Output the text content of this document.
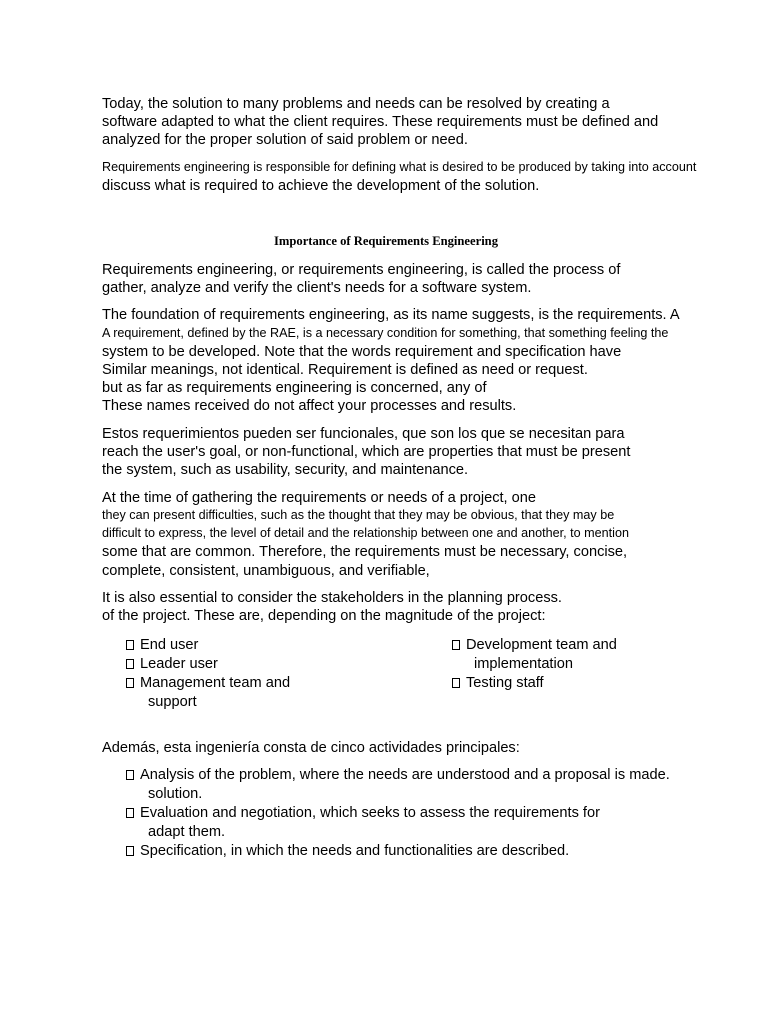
Today, the solution to many problems and needs can be resolved by creating a

software adapted to what the client requires. These requirements must be defined and

analyzed for the proper solution of said problem or need.

Requirements engineering is responsible for defining what is desired to be produced by taking into account

discuss what is required to achieve the development of the solution.

Importance of Requirements Engineering

Requirements engineering, or requirements engineering, is called the process of

gather, analyze and verify the client's needs for a software system.

The foundation of requirements engineering, as its name suggests, is the requirements. A

A requirement, defined by the RAE, is a necessary condition for something, that something feeling the

system to be developed. Note that the words requirement and specification have

Similar meanings, not identical. Requirement is defined as need or request.

but as far as requirements engineering is concerned, any of

These names received do not affect your processes and results.

Estos requerimientos pueden ser funcionales, que son los que se necesitan para

reach the user's goal, or non-functional, which are properties that must be present

the system, such as usability, security, and maintenance.

At the time of gathering the requirements or needs of a project, one

they can present difficulties, such as the thought that they may be obvious, that they may be

difficult to express, the level of detail and the relationship between one and another, to mention

some that are common. Therefore, the requirements must be necessary, concise,

complete, consistent, unambiguous, and verifiable,

It is also essential to consider the stakeholders in the planning process.

of the project. These are, depending on the magnitude of the project:

End user
Leader user
Management team and
support
Development team and
implementation
Testing staff

Además, esta ingeniería consta de cinco actividades principales:

Analysis of the problem, where the needs are understood and a proposal is made.
solution.
Evaluation and negotiation, which seeks to assess the requirements for
adapt them.
Specification, in which the needs and functionalities are described.
